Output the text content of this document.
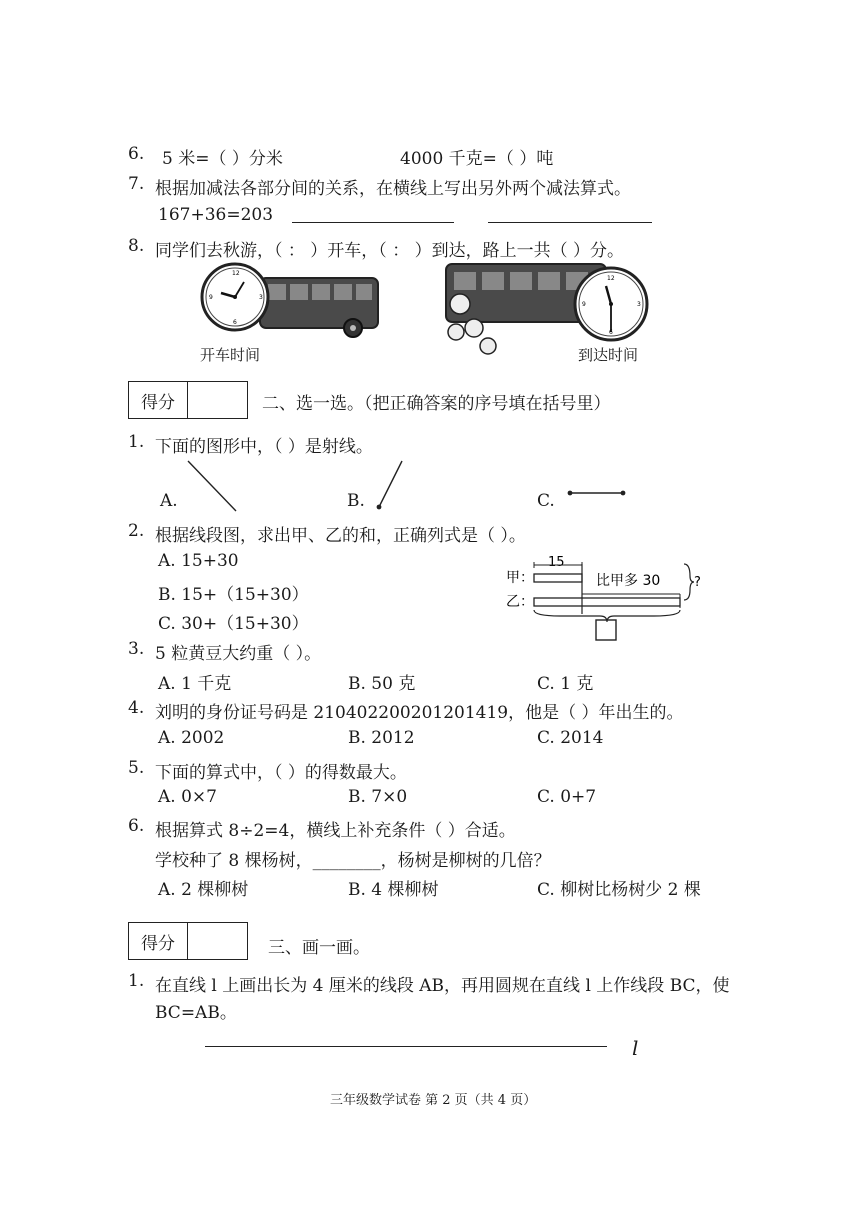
6. 5 米=（ ）分米	4000 千克=（ ）吨
7. 根据加减法各部分间的关系，在横线上写出另外两个减法算式。
167+36=203
8. 同学们去秋游，（ ： ）开车，（ ： ）到达，路上一共（ ）分。
12
3
6
9
开车时间
12
3
6
9
到达时间
得分	二、选一选。（把正确答案的序号填在括号里）
1. 下面的图形中，（ ）是射线。
A.	B.	C.
2. 根据线段图，求出甲、乙的和，正确列式是（ ）。
A. 15+30
B. 15+（15+30）
C. 30+（15+30）
甲：
乙：
15
比甲多 30	?
3. 5 粒黄豆大约重（ ）。
A. 1 千克	B. 50 克	C. 1 克
4. 刘明的身份证号码是 210402200201201419，他是（ ）年出生的。
A. 2002	B. 2012	C. 2014
5. 下面的算式中，（ ）的得数最大。
A. 0×7	B. 7×0	C. 0+7
6. 根据算式 8÷2=4，横线上补充条件（ ）合适。
学校种了 8 棵杨树，________，杨树是柳树的几倍？
A. 2 棵柳树	B. 4 棵柳树	C. 柳树比杨树少 2 棵
得分	三、画一画。
1. 在直线 l 上画出长为 4 厘米的线段 AB，再用圆规在直线 l 上作线段 BC，使
BC=AB。
l
三年级数学试卷 第 2 页（共 4 页）
